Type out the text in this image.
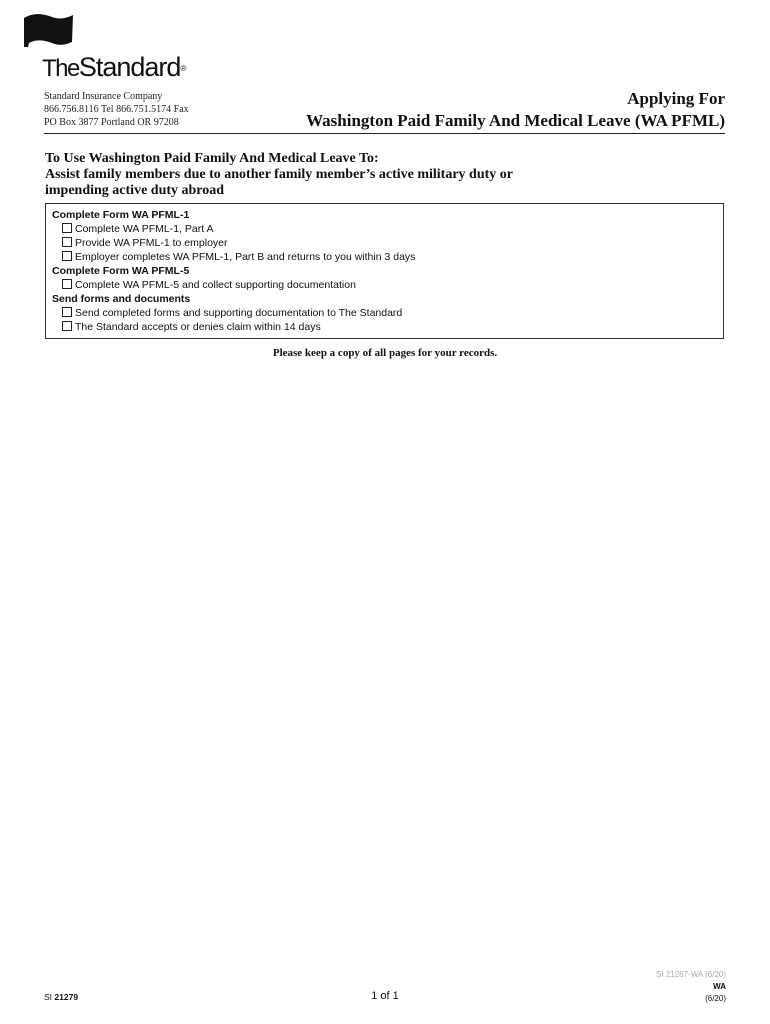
TheStandard®
Standard Insurance Company
866.756.8116 Tel 866.751.5174 Fax
PO Box 3877 Portland OR 97208
Applying For
Washington Paid Family And Medical Leave (WA PFML)
To Use Washington Paid Family And Medical Leave To:
Assist family members due to another family member’s active military duty or
impending active duty abroad
Complete Form WA PFML-1
Complete WA PFML-1, Part A
Provide WA PFML-1 to employer
Employer completes WA PFML-1, Part B and returns to you within 3 days
Complete Form WA PFML-5
Complete WA PFML-5 and collect supporting documentation
Send forms and documents
Send completed forms and supporting documentation to The Standard
The Standard accepts or denies claim within 14 days
Please keep a copy of all pages for your records.
SI 21279	1 of 1
SI 21267-WA (6/20)
WA
(6/20)
